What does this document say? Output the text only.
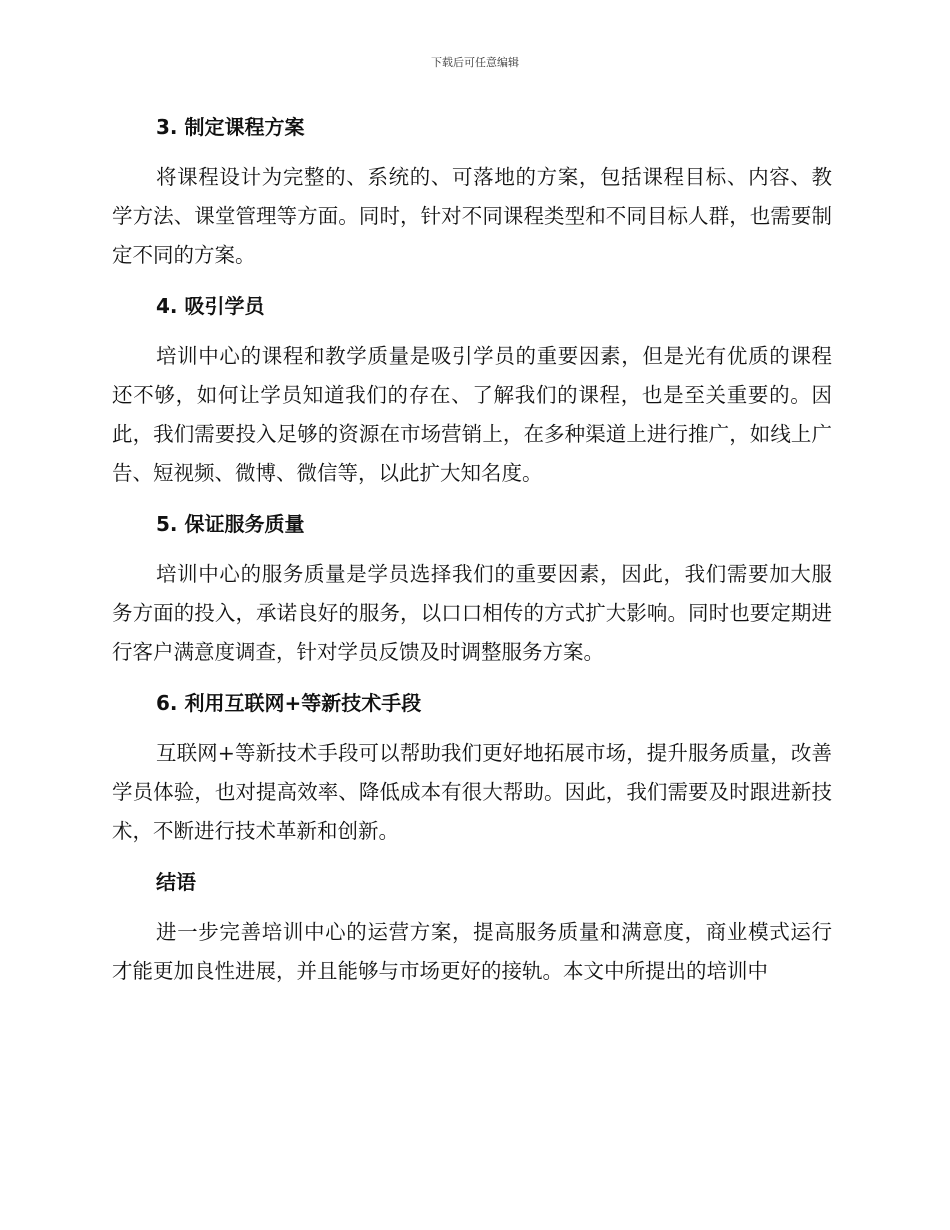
下载后可任意编辑
3. 制定课程方案

将课程设计为完整的、系统的、可落地的方案，包括课程目标、内容、教学方法、课堂管理等方面。同时，针对不同课程类型和不同目标人群，也需要制定不同的方案。

4. 吸引学员

培训中心的课程和教学质量是吸引学员的重要因素，但是光有优质的课程还不够，如何让学员知道我们的存在、了解我们的课程，也是至关重要的。因此，我们需要投入足够的资源在市场营销上，在多种渠道上进行推广，如线上广告、短视频、微博、微信等，以此扩大知名度。

5. 保证服务质量

培训中心的服务质量是学员选择我们的重要因素，因此，我们需要加大服务方面的投入，承诺良好的服务，以口口相传的方式扩大影响。同时也要定期进行客户满意度调查，针对学员反馈及时调整服务方案。

6. 利用互联网+等新技术手段

互联网+等新技术手段可以帮助我们更好地拓展市场，提升服务质量，改善学员体验，也对提高效率、降低成本有很大帮助。因此，我们需要及时跟进新技术，不断进行技术革新和创新。

结语

进一步完善培训中心的运营方案，提高服务质量和满意度，商业模式运行才能更加良性进展，并且能够与市场更好的接轨。本文中所提出的培训中
